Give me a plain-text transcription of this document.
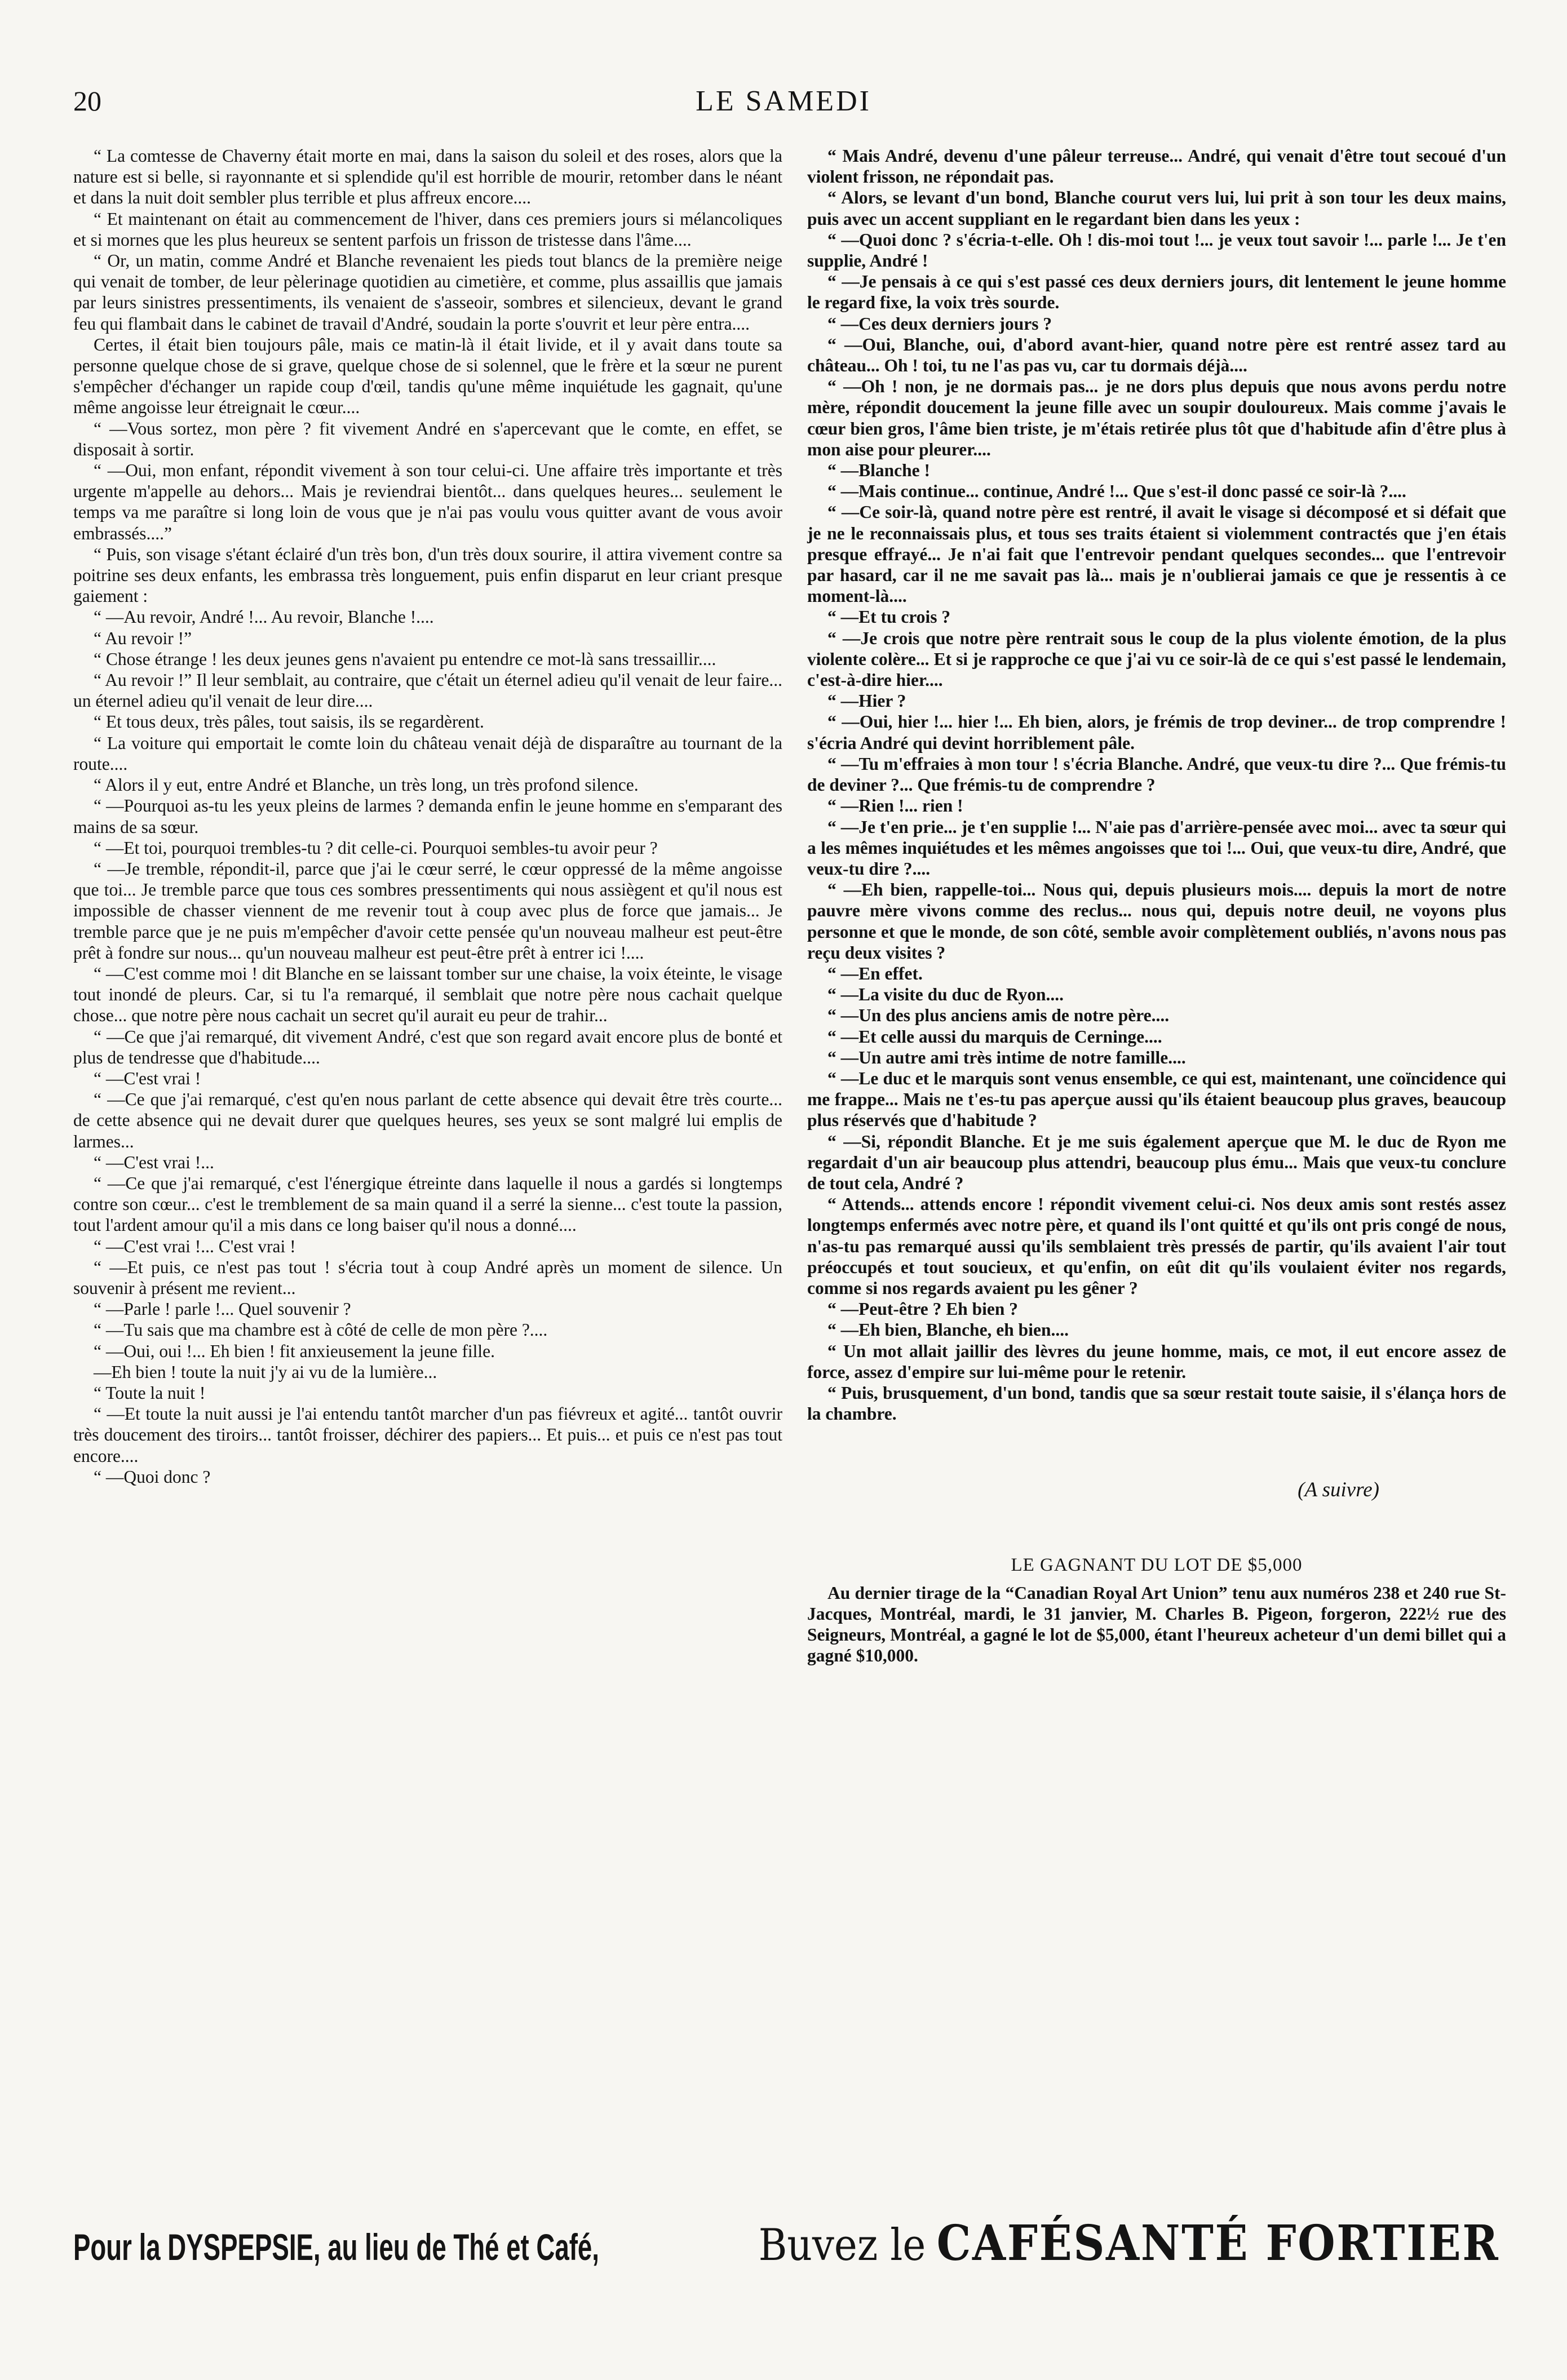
20	LE SAMEDI

“ La comtesse de Chaverny était morte en mai, dans la saison du soleil et des roses, alors que la nature est si belle, si rayonnante et si splendide qu'il est horrible de mourir, retomber dans le néant et dans la nuit doit sembler plus terrible et plus affreux encore....

“ Et maintenant on était au commencement de l'hiver, dans ces premiers jours si mélancoliques et si mornes que les plus heureux se sentent parfois un frisson de tristesse dans l'âme....

“ Or, un matin, comme André et Blanche revenaient les pieds tout blancs de la première neige qui venait de tomber, de leur pèlerinage quotidien au cimetière, et comme, plus assaillis que jamais par leurs sinistres pressentiments, ils venaient de s'asseoir, sombres et silencieux, devant le grand feu qui flambait dans le cabinet de travail d'André, soudain la porte s'ouvrit et leur père entra....

Certes, il était bien toujours pâle, mais ce matin-là il était livide, et il y avait dans toute sa personne quelque chose de si grave, quelque chose de si solennel, que le frère et la sœur ne purent s'empêcher d'échanger un rapide coup d'œil, tandis qu'une même inquiétude les gagnait, qu'une même angoisse leur étreignait le cœur....

“ —Vous sortez, mon père ? fit vivement André en s'apercevant que le comte, en effet, se disposait à sortir.

“ —Oui, mon enfant, répondit vivement à son tour celui-ci. Une affaire très importante et très urgente m'appelle au dehors... Mais je reviendrai bientôt... dans quelques heures... seulement le temps va me paraître si long loin de vous que je n'ai pas voulu vous quitter avant de vous avoir embrassés....”

“ Puis, son visage s'étant éclairé d'un très bon, d'un très doux sourire, il attira vivement contre sa poitrine ses deux enfants, les embrassa très longuement, puis enfin disparut en leur criant presque gaiement :

“ —Au revoir, André !... Au revoir, Blanche !....

“ Au revoir !”

“ Chose étrange ! les deux jeunes gens n'avaient pu entendre ce mot-là sans tressaillir....

“ Au revoir !” Il leur semblait, au contraire, que c'était un éternel adieu qu'il venait de leur faire... un éternel adieu qu'il venait de leur dire....

“ Et tous deux, très pâles, tout saisis, ils se regardèrent.

“ La voiture qui emportait le comte loin du château venait déjà de disparaître au tournant de la route....

“ Alors il y eut, entre André et Blanche, un très long, un très profond silence.

“ —Pourquoi as-tu les yeux pleins de larmes ? demanda enfin le jeune homme en s'emparant des mains de sa sœur.

“ —Et toi, pourquoi trembles-tu ? dit celle-ci. Pourquoi sembles-tu avoir peur ?

“ —Je tremble, répondit-il, parce que j'ai le cœur serré, le cœur oppressé de la même angoisse que toi... Je tremble parce que tous ces sombres pressentiments qui nous assiègent et qu'il nous est impossible de chasser viennent de me revenir tout à coup avec plus de force que jamais... Je tremble parce que je ne puis m'empêcher d'avoir cette pensée qu'un nouveau malheur est peut-être prêt à fondre sur nous... qu'un nouveau malheur est peut-être prêt à entrer ici !....

“ —C'est comme moi ! dit Blanche en se laissant tomber sur une chaise, la voix éteinte, le visage tout inondé de pleurs. Car, si tu l'a remarqué, il semblait que notre père nous cachait quelque chose... que notre père nous cachait un secret qu'il aurait eu peur de trahir...

“ —Ce que j'ai remarqué, dit vivement André, c'est que son regard avait encore plus de bonté et plus de tendresse que d'habitude....

“ —C'est vrai !

“ —Ce que j'ai remarqué, c'est qu'en nous parlant de cette absence qui devait être très courte... de cette absence qui ne devait durer que quelques heures, ses yeux se sont malgré lui emplis de larmes...

“ —C'est vrai !...

“ —Ce que j'ai remarqué, c'est l'énergique étreinte dans laquelle il nous a gardés si longtemps contre son cœur... c'est le tremblement de sa main quand il a serré la sienne... c'est toute la passion, tout l'ardent amour qu'il a mis dans ce long baiser qu'il nous a donné....

“ —C'est vrai !... C'est vrai !

“ —Et puis, ce n'est pas tout ! s'écria tout à coup André après un moment de silence. Un souvenir à présent me revient...

“ —Parle ! parle !... Quel souvenir ?

“ —Tu sais que ma chambre est à côté de celle de mon père ?....

“ —Oui, oui !... Eh bien ! fit anxieusement la jeune fille.

—Eh bien ! toute la nuit j'y ai vu de la lumière...

“ Toute la nuit !

“ —Et toute la nuit aussi je l'ai entendu tantôt marcher d'un pas fiévreux et agité... tantôt ouvrir très doucement des tiroirs... tantôt froisser, déchirer des papiers... Et puis... et puis ce n'est pas tout encore....

“ —Quoi donc ?

“ Mais André, devenu d'une pâleur terreuse... André, qui venait d'être tout secoué d'un violent frisson, ne répondait pas.

“ Alors, se levant d'un bond, Blanche courut vers lui, lui prit à son tour les deux mains, puis avec un accent suppliant en le regardant bien dans les yeux :

“ —Quoi donc ? s'écria-t-elle. Oh ! dis-moi tout !... je veux tout savoir !... parle !... Je t'en supplie, André !

“ —Je pensais à ce qui s'est passé ces deux derniers jours, dit lentement le jeune homme le regard fixe, la voix très sourde.

“ —Ces deux derniers jours ?

“ —Oui, Blanche, oui, d'abord avant-hier, quand notre père est rentré assez tard au château... Oh ! toi, tu ne l'as pas vu, car tu dormais déjà....

“ —Oh ! non, je ne dormais pas... je ne dors plus depuis que nous avons perdu notre mère, répondit doucement la jeune fille avec un soupir douloureux. Mais comme j'avais le cœur bien gros, l'âme bien triste, je m'étais retirée plus tôt que d'habitude afin d'être plus à mon aise pour pleurer....

“ —Blanche !

“ —Mais continue... continue, André !... Que s'est-il donc passé ce soir-là ?....

“ —Ce soir-là, quand notre père est rentré, il avait le visage si décomposé et si défait que je ne le reconnaissais plus, et tous ses traits étaient si violemment contractés que j'en étais presque effrayé... Je n'ai fait que l'entrevoir pendant quelques secondes... que l'entrevoir par hasard, car il ne me savait pas là... mais je n'oublierai jamais ce que je ressentis à ce moment-là....

“ —Et tu crois ?

“ —Je crois que notre père rentrait sous le coup de la plus violente émotion, de la plus violente colère... Et si je rapproche ce que j'ai vu ce soir-là de ce qui s'est passé le lendemain, c'est-à-dire hier....

“ —Hier ?

“ —Oui, hier !... hier !... Eh bien, alors, je frémis de trop deviner... de trop comprendre ! s'écria André qui devint horriblement pâle.

“ —Tu m'effraies à mon tour ! s'écria Blanche. André, que veux-tu dire ?... Que frémis-tu de deviner ?... Que frémis-tu de comprendre ?

“ —Rien !... rien !

“ —Je t'en prie... je t'en supplie !... N'aie pas d'arrière-pensée avec moi... avec ta sœur qui a les mêmes inquiétudes et les mêmes angoisses que toi !... Oui, que veux-tu dire, André, que veux-tu dire ?....

“ —Eh bien, rappelle-toi... Nous qui, depuis plusieurs mois.... depuis la mort de notre pauvre mère vivons comme des reclus... nous qui, depuis notre deuil, ne voyons plus personne et que le monde, de son côté, semble avoir complètement oubliés, n'avons nous pas reçu deux visites ?

“ —En effet.

“ —La visite du duc de Ryon....

“ —Un des plus anciens amis de notre père....

“ —Et celle aussi du marquis de Cerninge....

“ —Un autre ami très intime de notre famille....

“ —Le duc et le marquis sont venus ensemble, ce qui est, maintenant, une coïncidence qui me frappe... Mais ne t'es-tu pas aperçue aussi qu'ils étaient beaucoup plus graves, beaucoup plus réservés que d'habitude ?

“ —Si, répondit Blanche. Et je me suis également aperçue que M. le duc de Ryon me regardait d'un air beaucoup plus attendri, beaucoup plus ému... Mais que veux-tu conclure de tout cela, André ?

“ Attends... attends encore ! répondit vivement celui-ci. Nos deux amis sont restés assez longtemps enfermés avec notre père, et quand ils l'ont quitté et qu'ils ont pris congé de nous, n'as-tu pas remarqué aussi qu'ils semblaient très pressés de partir, qu'ils avaient l'air tout préoccupés et tout soucieux, et qu'enfin, on eût dit qu'ils voulaient éviter nos regards, comme si nos regards avaient pu les gêner ?

“ —Peut-être ? Eh bien ?

“ —Eh bien, Blanche, eh bien....

“ Un mot allait jaillir des lèvres du jeune homme, mais, ce mot, il eut encore assez de force, assez d'empire sur lui-même pour le retenir.

“ Puis, brusquement, d'un bond, tandis que sa sœur restait toute saisie, il s'élança hors de la chambre.

(A suivre)

LE GAGNANT DU LOT DE $5,000

Au dernier tirage de la “Canadian Royal Art Union” tenu aux numéros 238 et 240 rue St-Jacques, Montréal, mardi, le 31 janvier, M. Charles B. Pigeon, forgeron, 222½ rue des Seigneurs, Montréal, a gagné le lot de $5,000, étant l'heureux acheteur d'un demi billet qui a gagné $10,000.

Pour la DYSPEPSIE, au lieu de Thé et Café,	Buvez le CAFÉSANTÉ FORTIER
